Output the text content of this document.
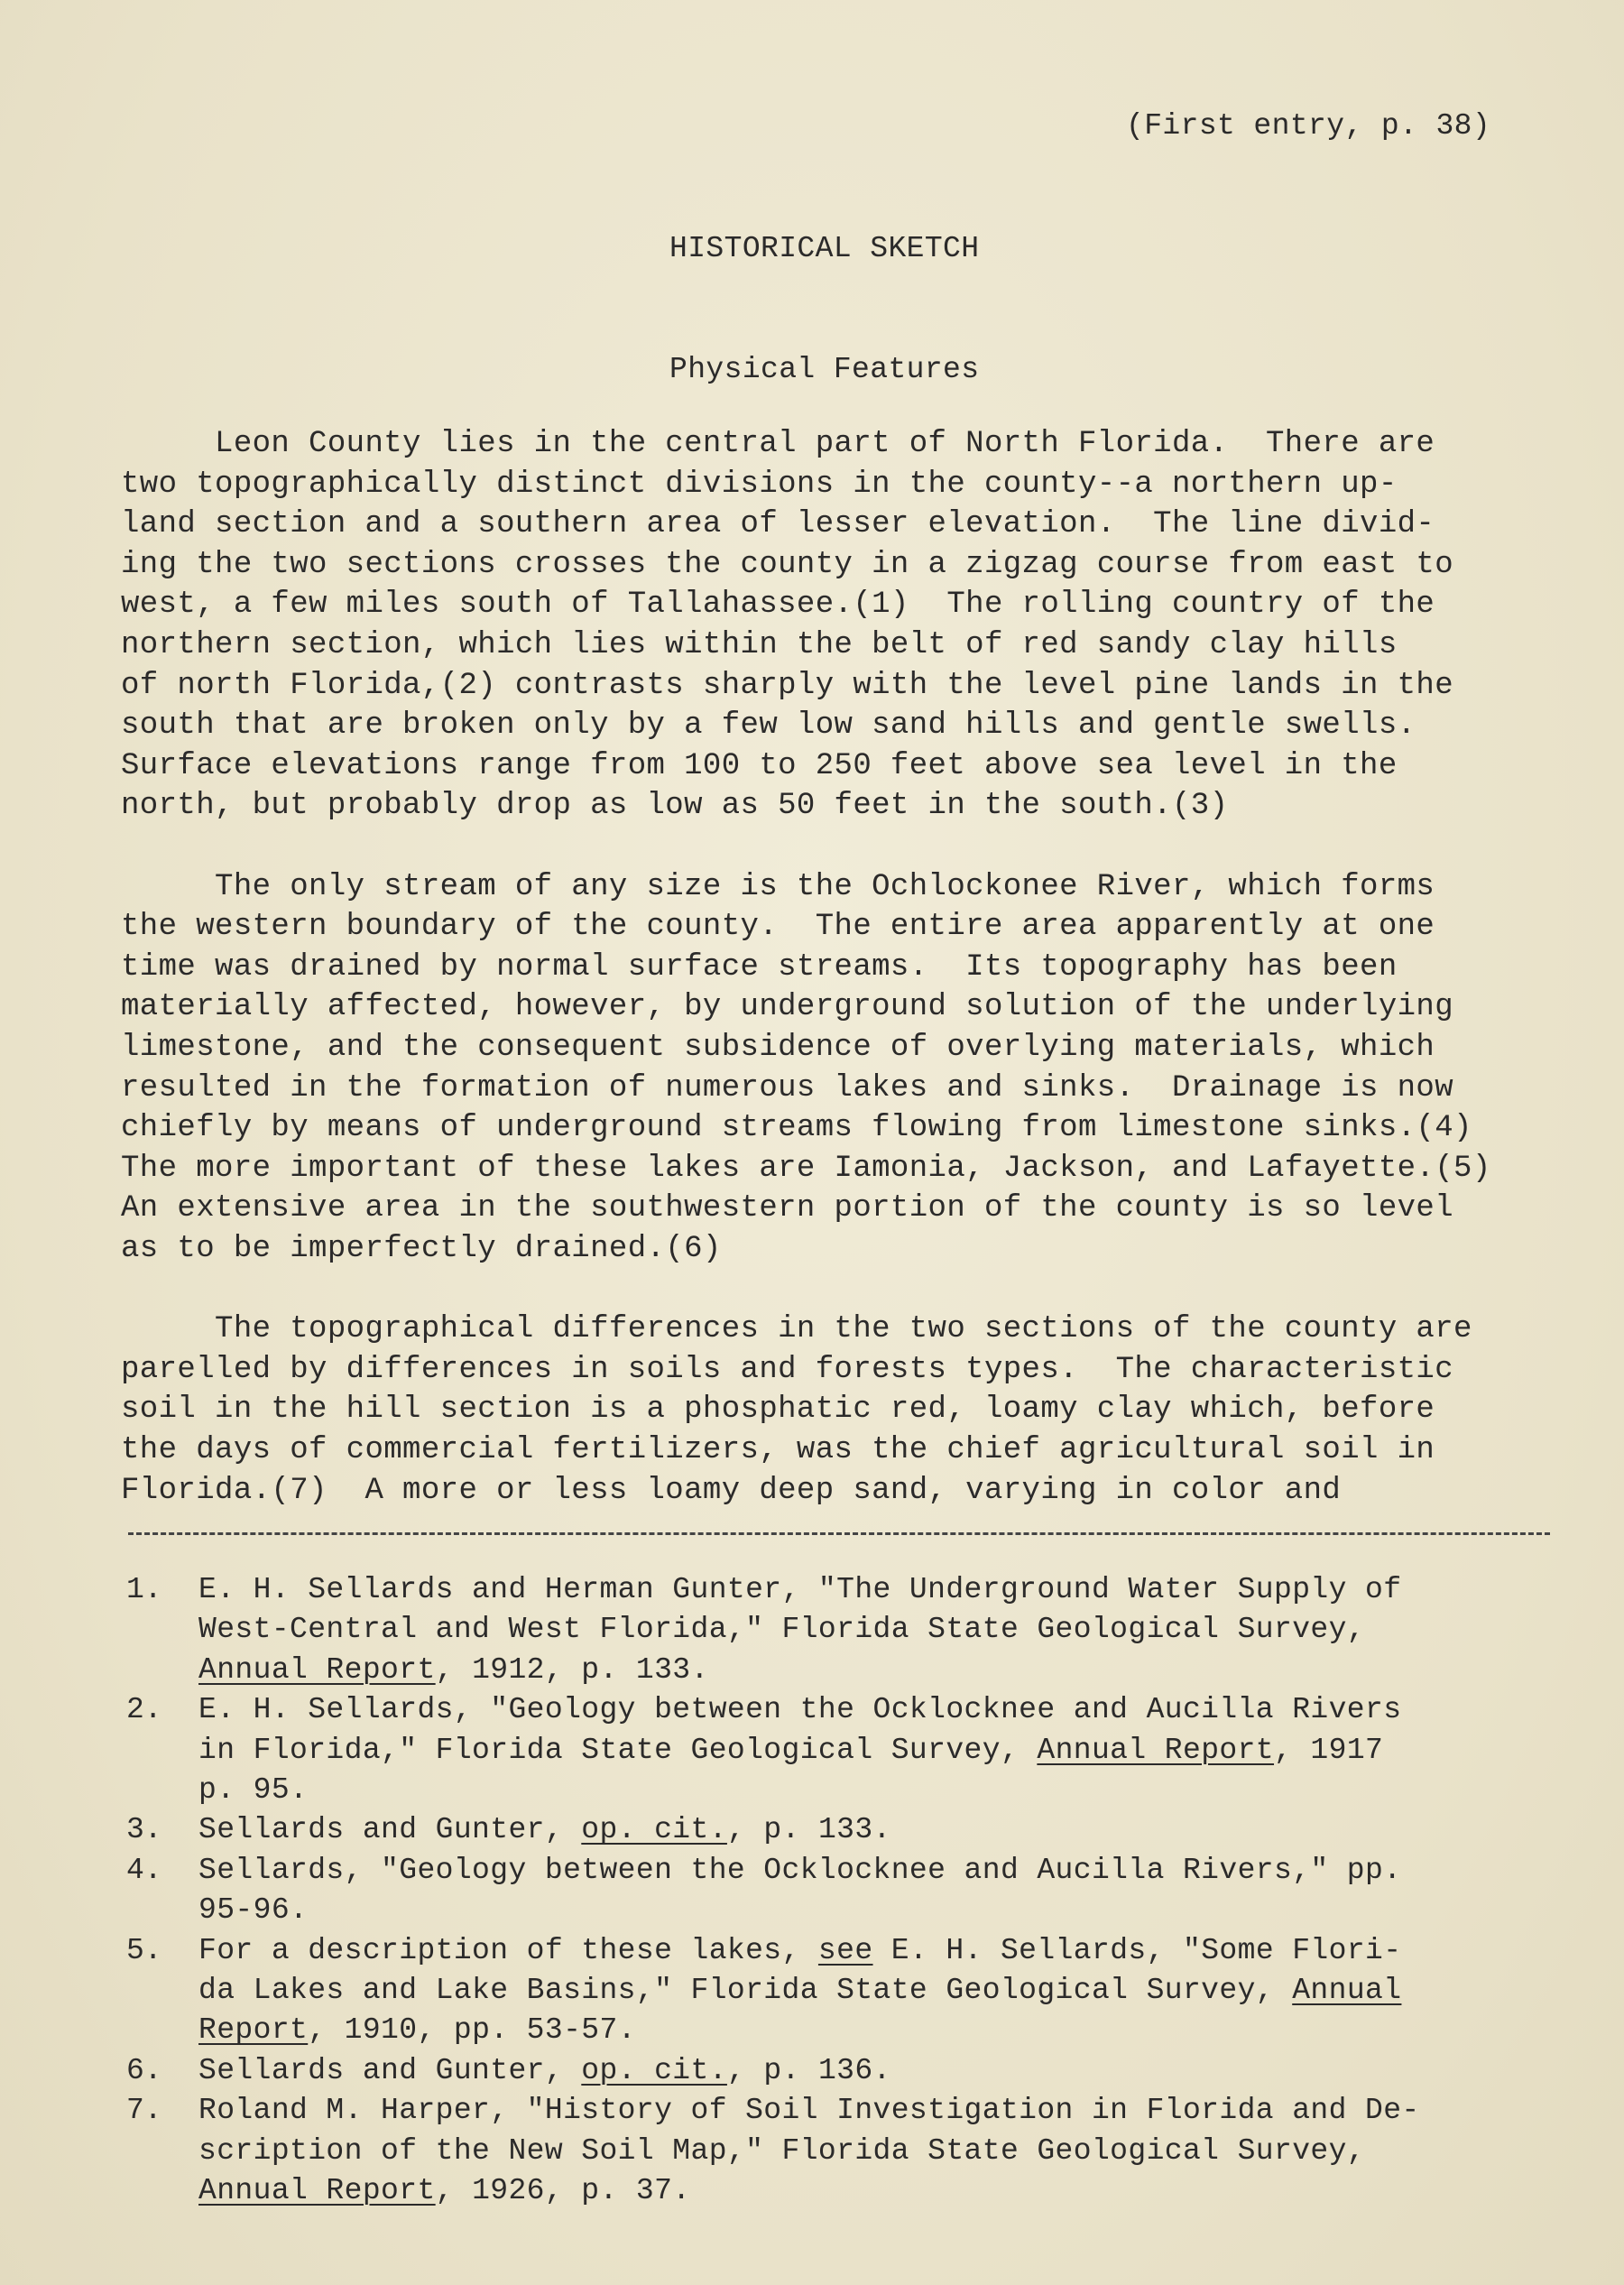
(First entry, p. 38)
HISTORICAL SKETCH
Physical Features
Leon County lies in the central part of North Florida.  There are
two topographically distinct divisions in the county--a northern up-
land section and a southern area of lesser elevation.  The line divid-
ing the two sections crosses the county in a zigzag course from east to
west, a few miles south of Tallahassee.(1)  The rolling country of the
northern section, which lies within the belt of red sandy clay hills
of north Florida,(2) contrasts sharply with the level pine lands in the
south that are broken only by a few low sand hills and gentle swells.
Surface elevations range from 100 to 250 feet above sea level in the
north, but probably drop as low as 50 feet in the south.(3)
The only stream of any size is the Ochlockonee River, which forms
the western boundary of the county.  The entire area apparently at one
time was drained by normal surface streams.  Its topography has been
materially affected, however, by underground solution of the underlying
limestone, and the consequent subsidence of overlying materials, which
resulted in the formation of numerous lakes and sinks.  Drainage is now
chiefly by means of underground streams flowing from limestone sinks.(4)
The more important of these lakes are Iamonia, Jackson, and Lafayette.(5)
An extensive area in the southwestern portion of the county is so level
as to be imperfectly drained.(6)
The topographical differences in the two sections of the county are
parelled by differences in soils and forests types.  The characteristic
soil in the hill section is a phosphatic red, loamy clay which, before
the days of commercial fertilizers, was the chief agricultural soil in
Florida.(7)  A more or less loamy deep sand, varying in color and
1. E. H. Sellards and Herman Gunter, "The Underground Water Supply of
West-Central and West Florida," Florida State Geological Survey,
Annual Report, 1912, p. 133.
2. E. H. Sellards, "Geology between the Ocklocknee and Aucilla Rivers
in Florida," Florida State Geological Survey, Annual Report, 1917
p. 95.
3. Sellards and Gunter, op. cit., p. 133.
4. Sellards, "Geology between the Ocklocknee and Aucilla Rivers," pp.
95-96.
5. For a description of these lakes, see E. H. Sellards, "Some Flori-
da Lakes and Lake Basins," Florida State Geological Survey, Annual
Report, 1910, pp. 53-57.
6. Sellards and Gunter, op. cit., p. 136.
7. Roland M. Harper, "History of Soil Investigation in Florida and De-
scription of the New Soil Map," Florida State Geological Survey,
Annual Report, 1926, p. 37.
